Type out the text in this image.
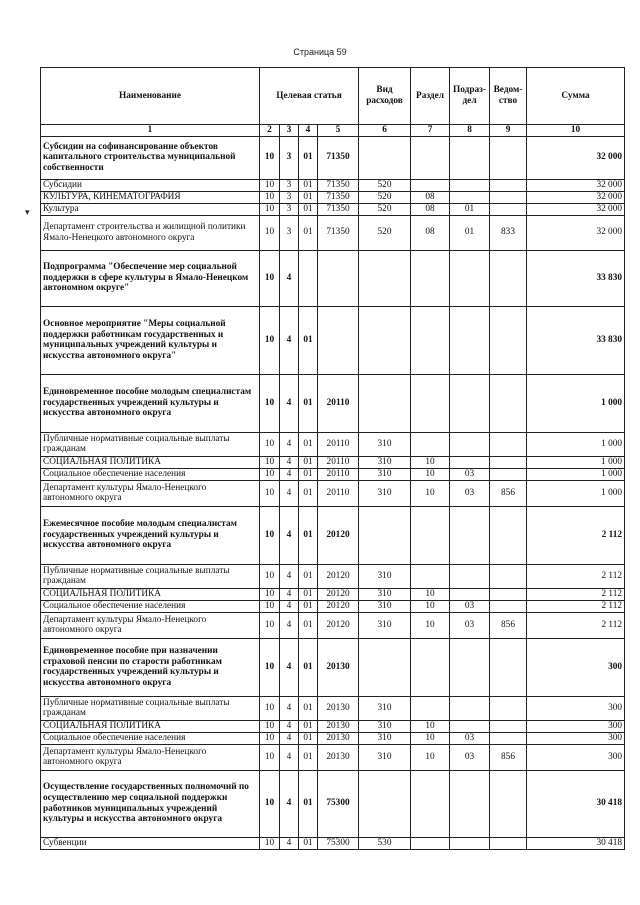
Страница 59
▾
Наименование	Целевая статья				Вид расходов	Раздел	Подраз-дел	Ведом-ство	Сумма
1	2	3	4	5	6	7	8	9	10
Субсидии на софинансирование объектов капитального строительства муниципальной собственности	10	3	01	71350					32 000
Субсидии	10	3	01	71350	520				32 000
КУЛЬТУРА, КИНЕМАТОГРАФИЯ	10	3	01	71350	520	08			32 000
Культура	10	3	01	71350	520	08	01		32 000
Департамент строительства и жилищной политики Ямало-Ненецкого автономного округа	10	3	01	71350	520	08	01	833	32 000
Подпрограмма "Обеспечение мер социальной поддержки в сфере культуры в Ямало-Ненецком автономном округе"	10	4							33 830
Основное мероприятие "Меры социальной поддержки работникам государственных и муниципальных учреждений культуры и искусства автономного округа"	10	4	01						33 830
Единовременное пособие молодым специалистам государственных учреждений культуры и искусства автономного округа	10	4	01	20110					1 000
Публичные нормативные социальные выплаты гражданам	10	4	01	20110	310				1 000
СОЦИАЛЬНАЯ ПОЛИТИКА	10	4	01	20110	310	10			1 000
Социальное обеспечение населения	10	4	01	20110	310	10	03		1 000
Департамент культуры Ямало-Ненецкого автономного округа	10	4	01	20110	310	10	03	856	1 000
Ежемесячное пособие молодым специалистам государственных учреждений культуры и искусства автономного округа	10	4	01	20120					2 112
Публичные нормативные социальные выплаты гражданам	10	4	01	20120	310				2 112
СОЦИАЛЬНАЯ ПОЛИТИКА	10	4	01	20120	310	10			2 112
Социальное обеспечение населения	10	4	01	20120	310	10	03		2 112
Департамент культуры Ямало-Ненецкого автономного округа	10	4	01	20120	310	10	03	856	2 112
Единовременное пособие при назначении страховой пенсии по старости работникам государственных учреждений культуры и искусства автономного округа	10	4	01	20130					300
Публичные нормативные социальные выплаты гражданам	10	4	01	20130	310				300
СОЦИАЛЬНАЯ ПОЛИТИКА	10	4	01	20130	310	10			300
Социальное обеспечение населения	10	4	01	20130	310	10	03		300
Департамент культуры Ямало-Ненецкого автономного округа	10	4	01	20130	310	10	03	856	300
Осуществление государственных полномочий по осуществлению мер социальной поддержки работников муниципальных учреждений культуры и искусства автономного округа	10	4	01	75300					30 418
Субвенции	10	4	01	75300	530				30 418
